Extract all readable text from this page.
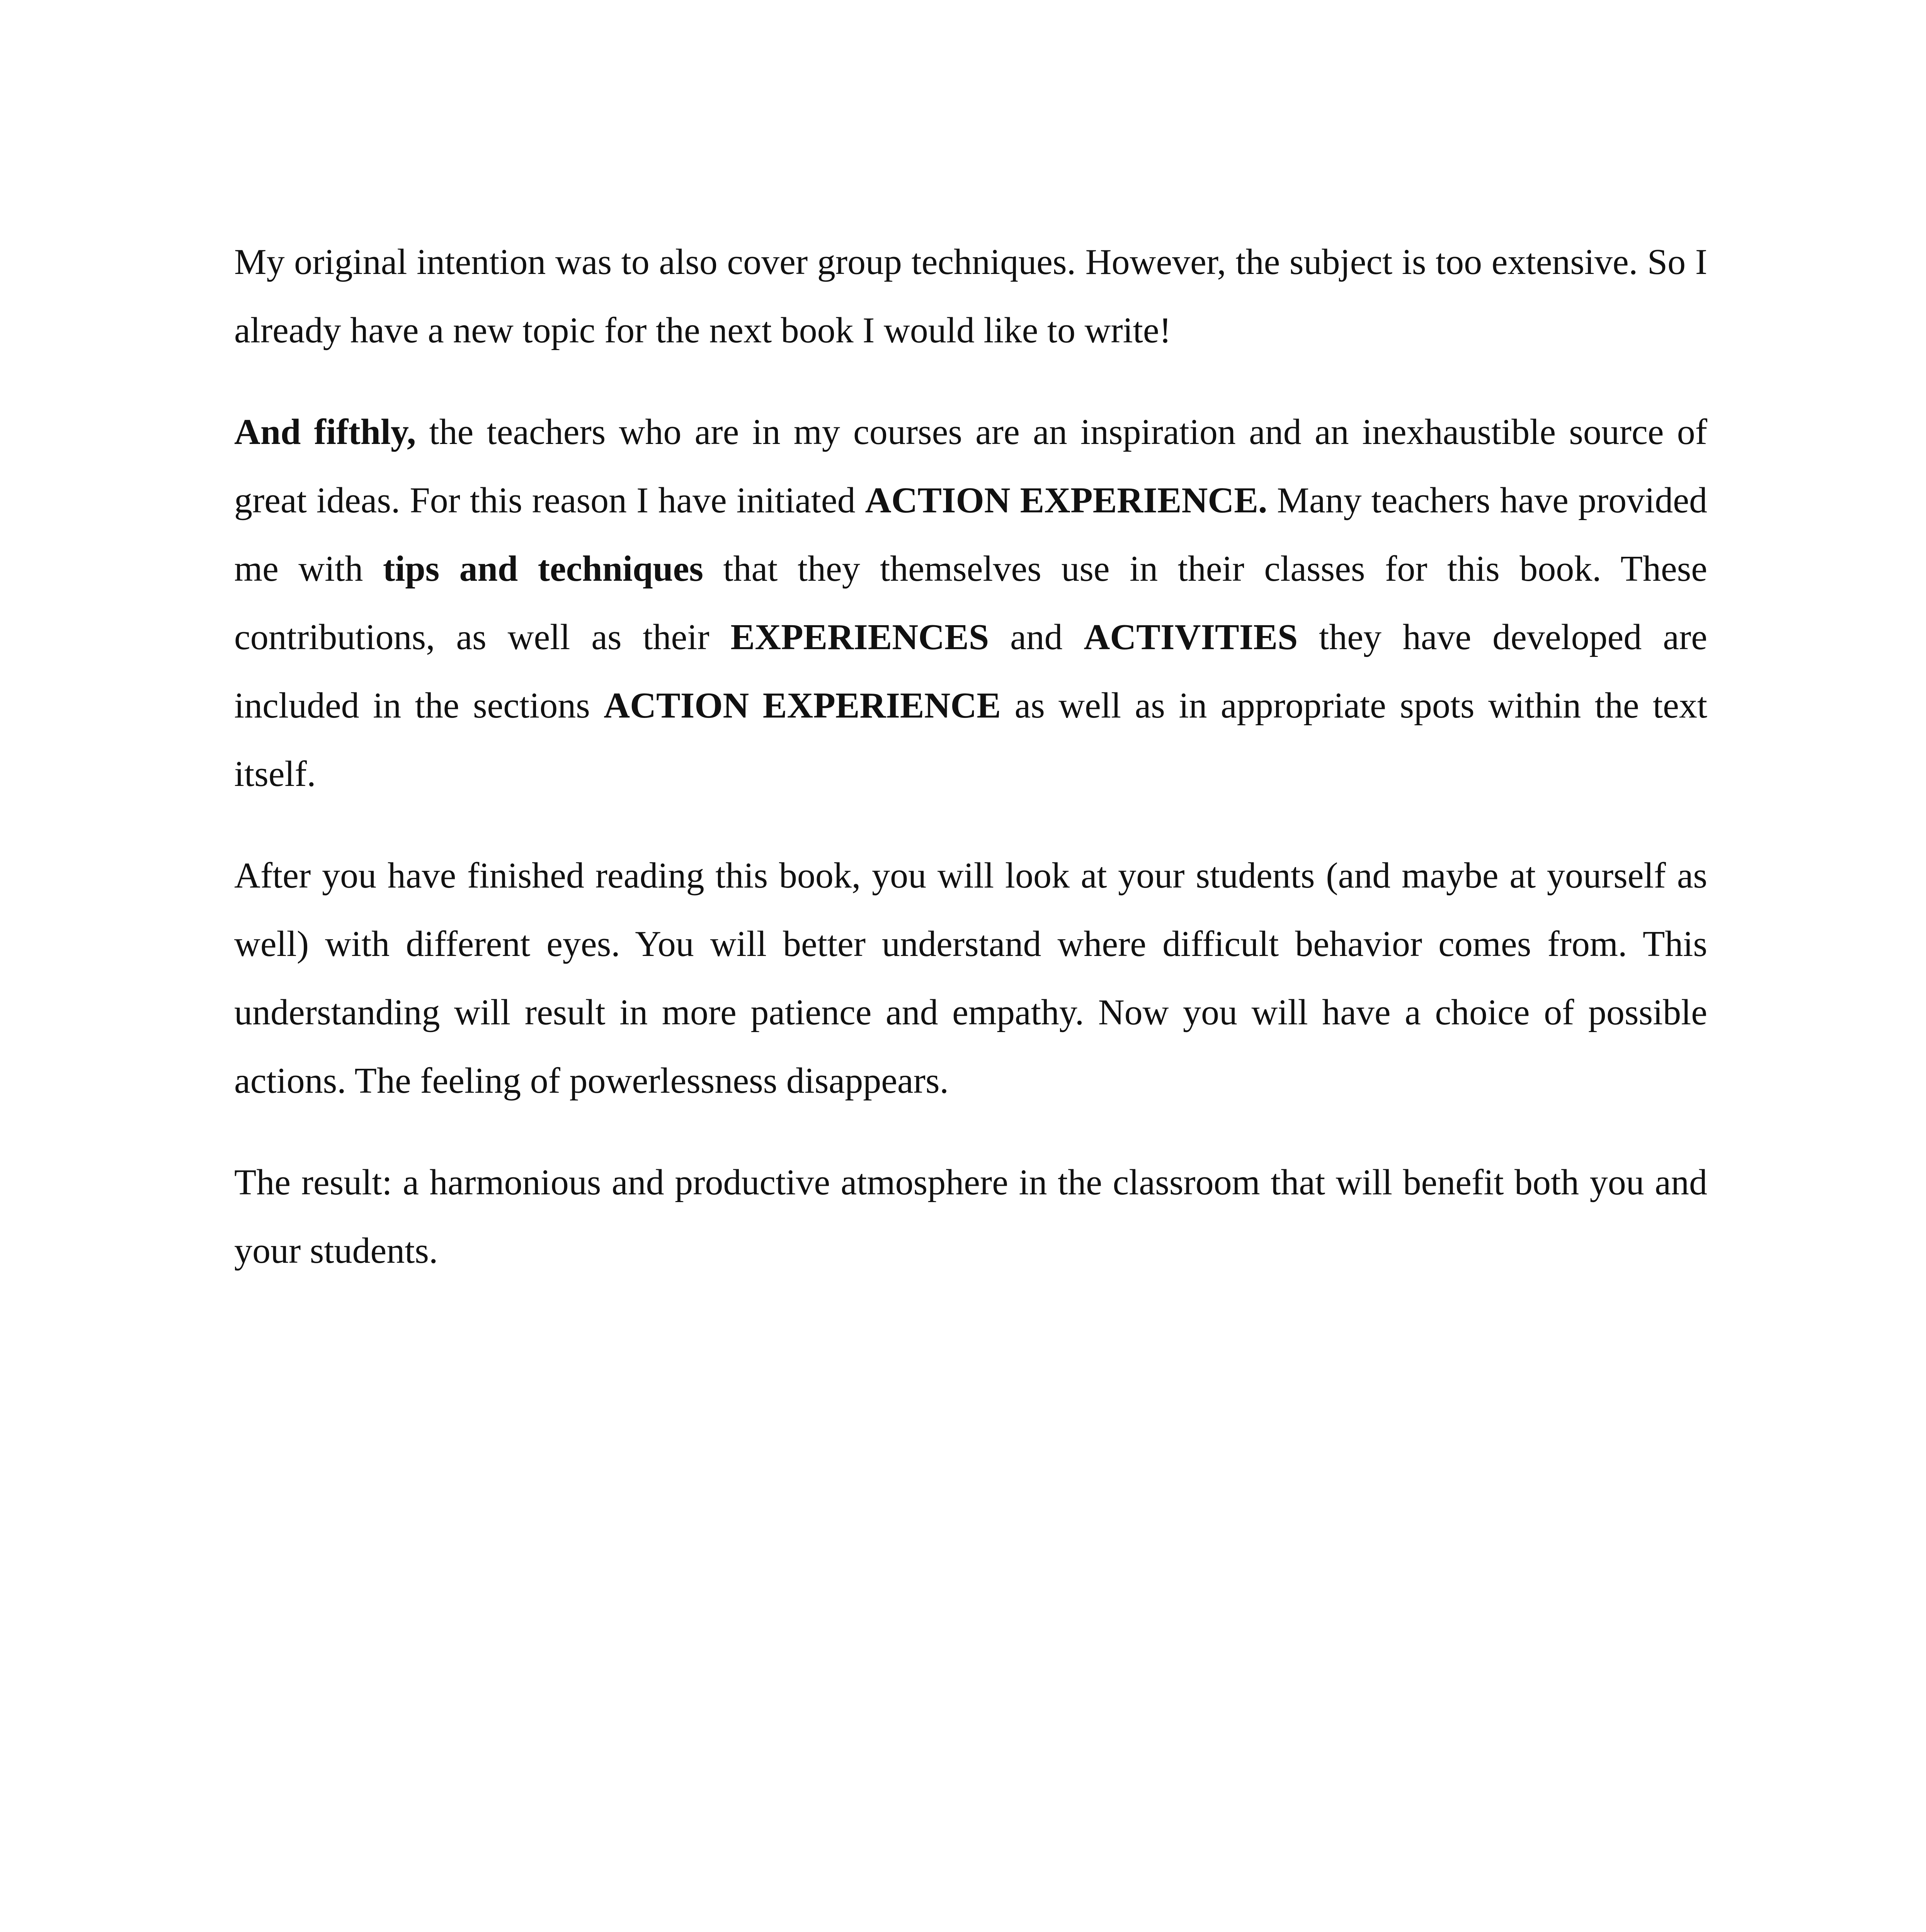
My original intention was to also cover group techniques. However, the subject is too extensive. So I already have a new topic for the next book I would like to write!

And fifthly, the teachers who are in my courses are an inspiration and an inexhaustible source of great ideas. For this reason I have initiated ACTION EXPERIENCE. Many teachers have provided me with tips and techniques that they themselves use in their classes for this book. These contributions, as well as their EXPERIENCES and ACTIVITIES they have developed are included in the sections ACTION EXPERIENCE as well as in appropriate spots within the text itself.

After you have finished reading this book, you will look at your students (and maybe at yourself as well) with different eyes. You will better understand where difficult behavior comes from. This understanding will result in more patience and empathy. Now you will have a choice of possible actions. The feeling of powerlessness disappears.

The result: a harmonious and productive atmosphere in the classroom that will benefit both you and your students.
